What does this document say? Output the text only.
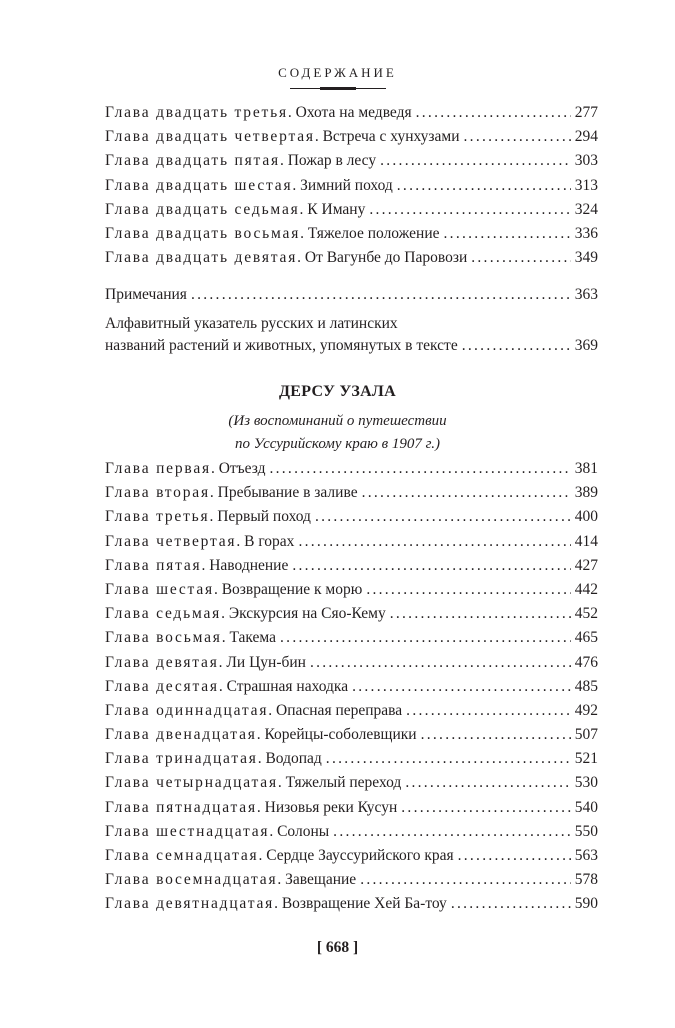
СОДЕРЖАНИЕ
Глава двадцать третья. Охота на медведя . . .	277
Глава двадцать четвертая. Встреча с хунхузами . . .	294
Глава двадцать пятая. Пожар в лесу . . .	303
Глава двадцать шестая. Зимний поход . . .	313
Глава двадцать седьмая. К Иману . . .	324
Глава двадцать восьмая. Тяжелое положение . . .	336
Глава двадцать девятая. От Вагунбе до Паровози . . .	349
Примечания . . .	363
Алфавитный указатель русских и латинских
названий растений и животных, упомянутых в тексте . . .	369
ДЕРСУ УЗАЛА
(Из воспоминаний о путешествии
по Уссурийскому краю в 1907 г.)
Глава первая. Отъезд . . .	381
Глава вторая. Пребывание в заливе . . .	389
Глава третья. Первый поход . . .	400
Глава четвертая. В горах . . .	414
Глава пятая. Наводнение . . .	427
Глава шестая. Возвращение к морю . . .	442
Глава седьмая. Экскурсия на Сяо-Кему . . .	452
Глава восьмая. Такема . . .	465
Глава девятая. Ли Цун-бин . . .	476
Глава десятая. Страшная находка . . .	485
Глава одиннадцатая. Опасная переправа . . .	492
Глава двенадцатая. Корейцы-соболевщики . . .	507
Глава тринадцатая. Водопад . . .	521
Глава четырнадцатая. Тяжелый переход . . .	530
Глава пятнадцатая. Низовья реки Кусун . . .	540
Глава шестнадцатая. Солоны . . .	550
Глава семнадцатая. Сердце Зауссурийского края . . .	563
Глава восемнадцатая. Завещание . . .	578
Глава девятнадцатая. Возвращение Хей Ба-тоу . . .	590
[ 668 ]
